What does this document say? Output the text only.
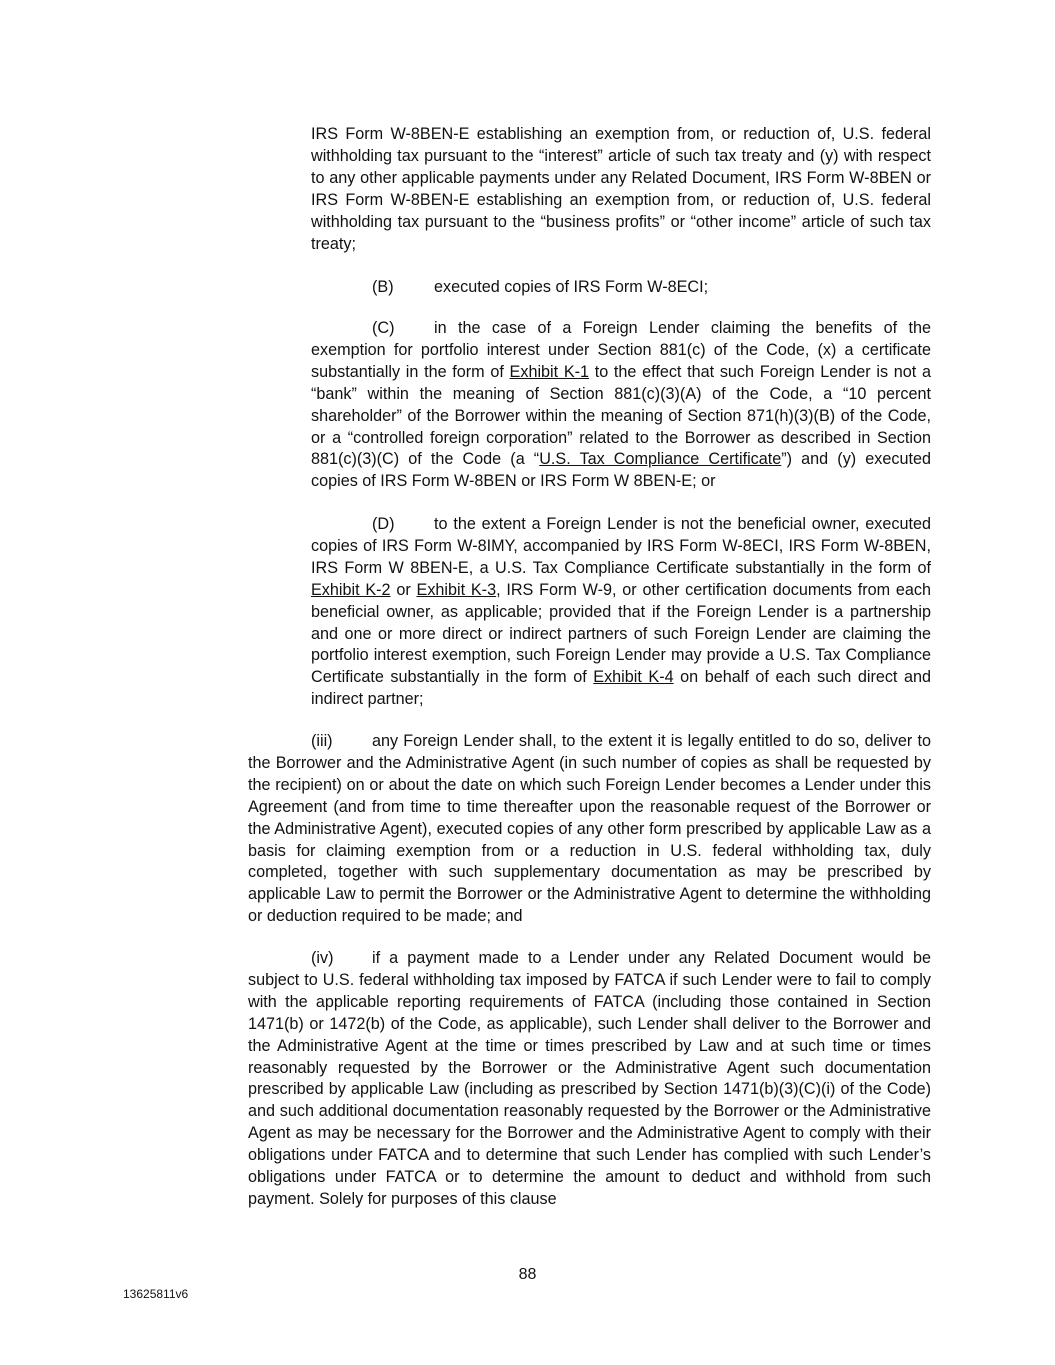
IRS Form W-8BEN-E establishing an exemption from, or reduction of, U.S. federal withholding tax pursuant to the “interest” article of such tax treaty and (y) with respect to any other applicable payments under any Related Document, IRS Form W-8BEN or IRS Form W-8BEN-E establishing an exemption from, or reduction of, U.S. federal withholding tax pursuant to the “business profits” or “other income” article of such tax treaty;
(B) executed copies of IRS Form W-8ECI;
(C) in the case of a Foreign Lender claiming the benefits of the exemption for portfolio interest under Section 881(c) of the Code, (x) a certificate substantially in the form of Exhibit K-1 to the effect that such Foreign Lender is not a “bank” within the meaning of Section 881(c)(3)(A) of the Code, a “10 percent shareholder” of the Borrower within the meaning of Section 871(h)(3)(B) of the Code, or a “controlled foreign corporation” related to the Borrower as described in Section 881(c)(3)(C) of the Code (a “U.S. Tax Compliance Certificate”) and (y) executed copies of IRS Form W-8BEN or IRS Form W 8BEN-E; or
(D) to the extent a Foreign Lender is not the beneficial owner, executed copies of IRS Form W-8IMY, accompanied by IRS Form W-8ECI, IRS Form W-8BEN, IRS Form W 8BEN-E, a U.S. Tax Compliance Certificate substantially in the form of Exhibit K-2 or Exhibit K-3, IRS Form W-9, or other certification documents from each beneficial owner, as applicable; provided that if the Foreign Lender is a partnership and one or more direct or indirect partners of such Foreign Lender are claiming the portfolio interest exemption, such Foreign Lender may provide a U.S. Tax Compliance Certificate substantially in the form of Exhibit K-4 on behalf of each such direct and indirect partner;
(iii) any Foreign Lender shall, to the extent it is legally entitled to do so, deliver to the Borrower and the Administrative Agent (in such number of copies as shall be requested by the recipient) on or about the date on which such Foreign Lender becomes a Lender under this Agreement (and from time to time thereafter upon the reasonable request of the Borrower or the Administrative Agent), executed copies of any other form prescribed by applicable Law as a basis for claiming exemption from or a reduction in U.S. federal withholding tax, duly completed, together with such supplementary documentation as may be prescribed by applicable Law to permit the Borrower or the Administrative Agent to determine the withholding or deduction required to be made; and
(iv) if a payment made to a Lender under any Related Document would be subject to U.S. federal withholding tax imposed by FATCA if such Lender were to fail to comply with the applicable reporting requirements of FATCA (including those contained in Section 1471(b) or 1472(b) of the Code, as applicable), such Lender shall deliver to the Borrower and the Administrative Agent at the time or times prescribed by Law and at such time or times reasonably requested by the Borrower or the Administrative Agent such documentation prescribed by applicable Law (including as prescribed by Section 1471(b)(3)(C)(i) of the Code) and such additional documentation reasonably requested by the Borrower or the Administrative Agent as may be necessary for the Borrower and the Administrative Agent to comply with their obligations under FATCA and to determine that such Lender has complied with such Lender’s obligations under FATCA or to determine the amount to deduct and withhold from such payment. Solely for purposes of this clause
88
13625811v6
